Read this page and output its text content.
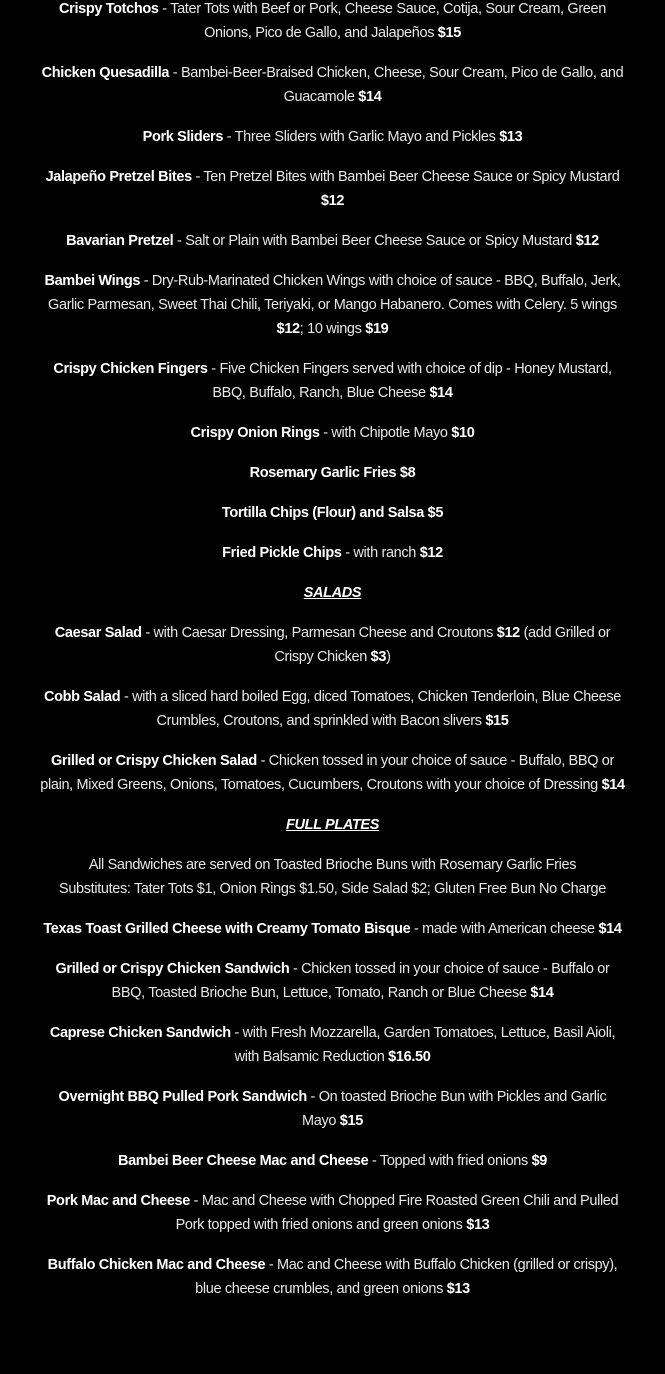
Crispy Totchos - Tater Tots with Beef or Pork, Cheese Sauce, Cotija, Sour Cream, Green Onions, Pico de Gallo, and Jalapeños $15

Chicken Quesadilla - Bambei-Beer-Braised Chicken, Cheese, Sour Cream, Pico de Gallo, and Guacamole $14

Pork Sliders - Three Sliders with Garlic Mayo and Pickles $13

Jalapeño Pretzel Bites - Ten Pretzel Bites with Bambei Beer Cheese Sauce or Spicy Mustard $12

Bavarian Pretzel - Salt or Plain with Bambei Beer Cheese Sauce or Spicy Mustard $12

Bambei Wings - Dry-Rub-Marinated Chicken Wings with choice of sauce - BBQ, Buffalo, Jerk, Garlic Parmesan, Sweet Thai Chili, Teriyaki, or Mango Habanero. Comes with Celery. 5 wings $12; 10 wings $19

Crispy Chicken Fingers - Five Chicken Fingers served with choice of dip - Honey Mustard, BBQ, Buffalo, Ranch, Blue Cheese $14

Crispy Onion Rings - with Chipotle Mayo $10

Rosemary Garlic Fries $8

Tortilla Chips (Flour) and Salsa $5

Fried Pickle Chips - with ranch $12

SALADS

Caesar Salad - with Caesar Dressing, Parmesan Cheese and Croutons $12 (add Grilled or Crispy Chicken $3)

Cobb Salad - with a sliced hard boiled Egg, diced Tomatoes, Chicken Tenderloin, Blue Cheese Crumbles, Croutons, and sprinkled with Bacon slivers $15

Grilled or Crispy Chicken Salad - Chicken tossed in your choice of sauce - Buffalo, BBQ or plain, Mixed Greens, Onions, Tomatoes, Cucumbers, Croutons with your choice of Dressing $14

FULL PLATES

All Sandwiches are served on Toasted Brioche Buns with Rosemary Garlic Fries
Substitutes: Tater Tots $1, Onion Rings $1.50, Side Salad $2; Gluten Free Bun No Charge

Texas Toast Grilled Cheese with Creamy Tomato Bisque - made with American cheese $14

Grilled or Crispy Chicken Sandwich - Chicken tossed in your choice of sauce - Buffalo or BBQ, Toasted Brioche Bun, Lettuce, Tomato, Ranch or Blue Cheese $14

Caprese Chicken Sandwich - with Fresh Mozzarella, Garden Tomatoes, Lettuce, Basil Aioli, with Balsamic Reduction $16.50

Overnight BBQ Pulled Pork Sandwich - On toasted Brioche Bun with Pickles and Garlic Mayo $15

Bambei Beer Cheese Mac and Cheese - Topped with fried onions $9

Pork Mac and Cheese - Mac and Cheese with Chopped Fire Roasted Green Chili and Pulled Pork topped with fried onions and green onions $13

Buffalo Chicken Mac and Cheese - Mac and Cheese with Buffalo Chicken (grilled or crispy), blue cheese crumbles, and green onions $13
